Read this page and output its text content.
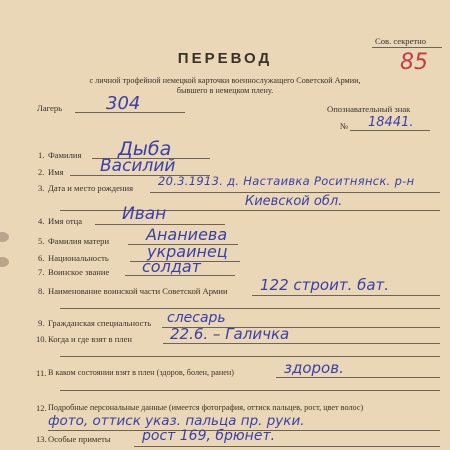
Сов. секретно
85
ПЕРЕВОД
с личной трофейной немецкой карточки военнослужащего Советской Армии,
бывшего в немецком плену.
Лагерь 304	Опознавательный знак
№ 18441.
1. Фамилия Дыба
2. Имя Василий
3. Дата и место рождения 20.3.1913. д. Настаивка Роситнянск. р-н
Киевской обл.
4. Имя отца Иван
5. Фамилия матери Ананиева
6. Национальность украинец
7. Воинское звание солдат
8. Наименование воинской части Советской Армии 122 строит. бат.
9. Гражданская специальность слесарь
10. Когда и где взят в плен	22.6. – Галичка
11. В каком состоянии взят в плен (здоров, болен, ранен)	здоров.
12. Подробные персональные данные (имеется фотография, оттиск пальцев, рост, цвет волос)
фото, оттиск указ. пальца пр. руки.
13. Особые приметы рост 169, брюнет.
